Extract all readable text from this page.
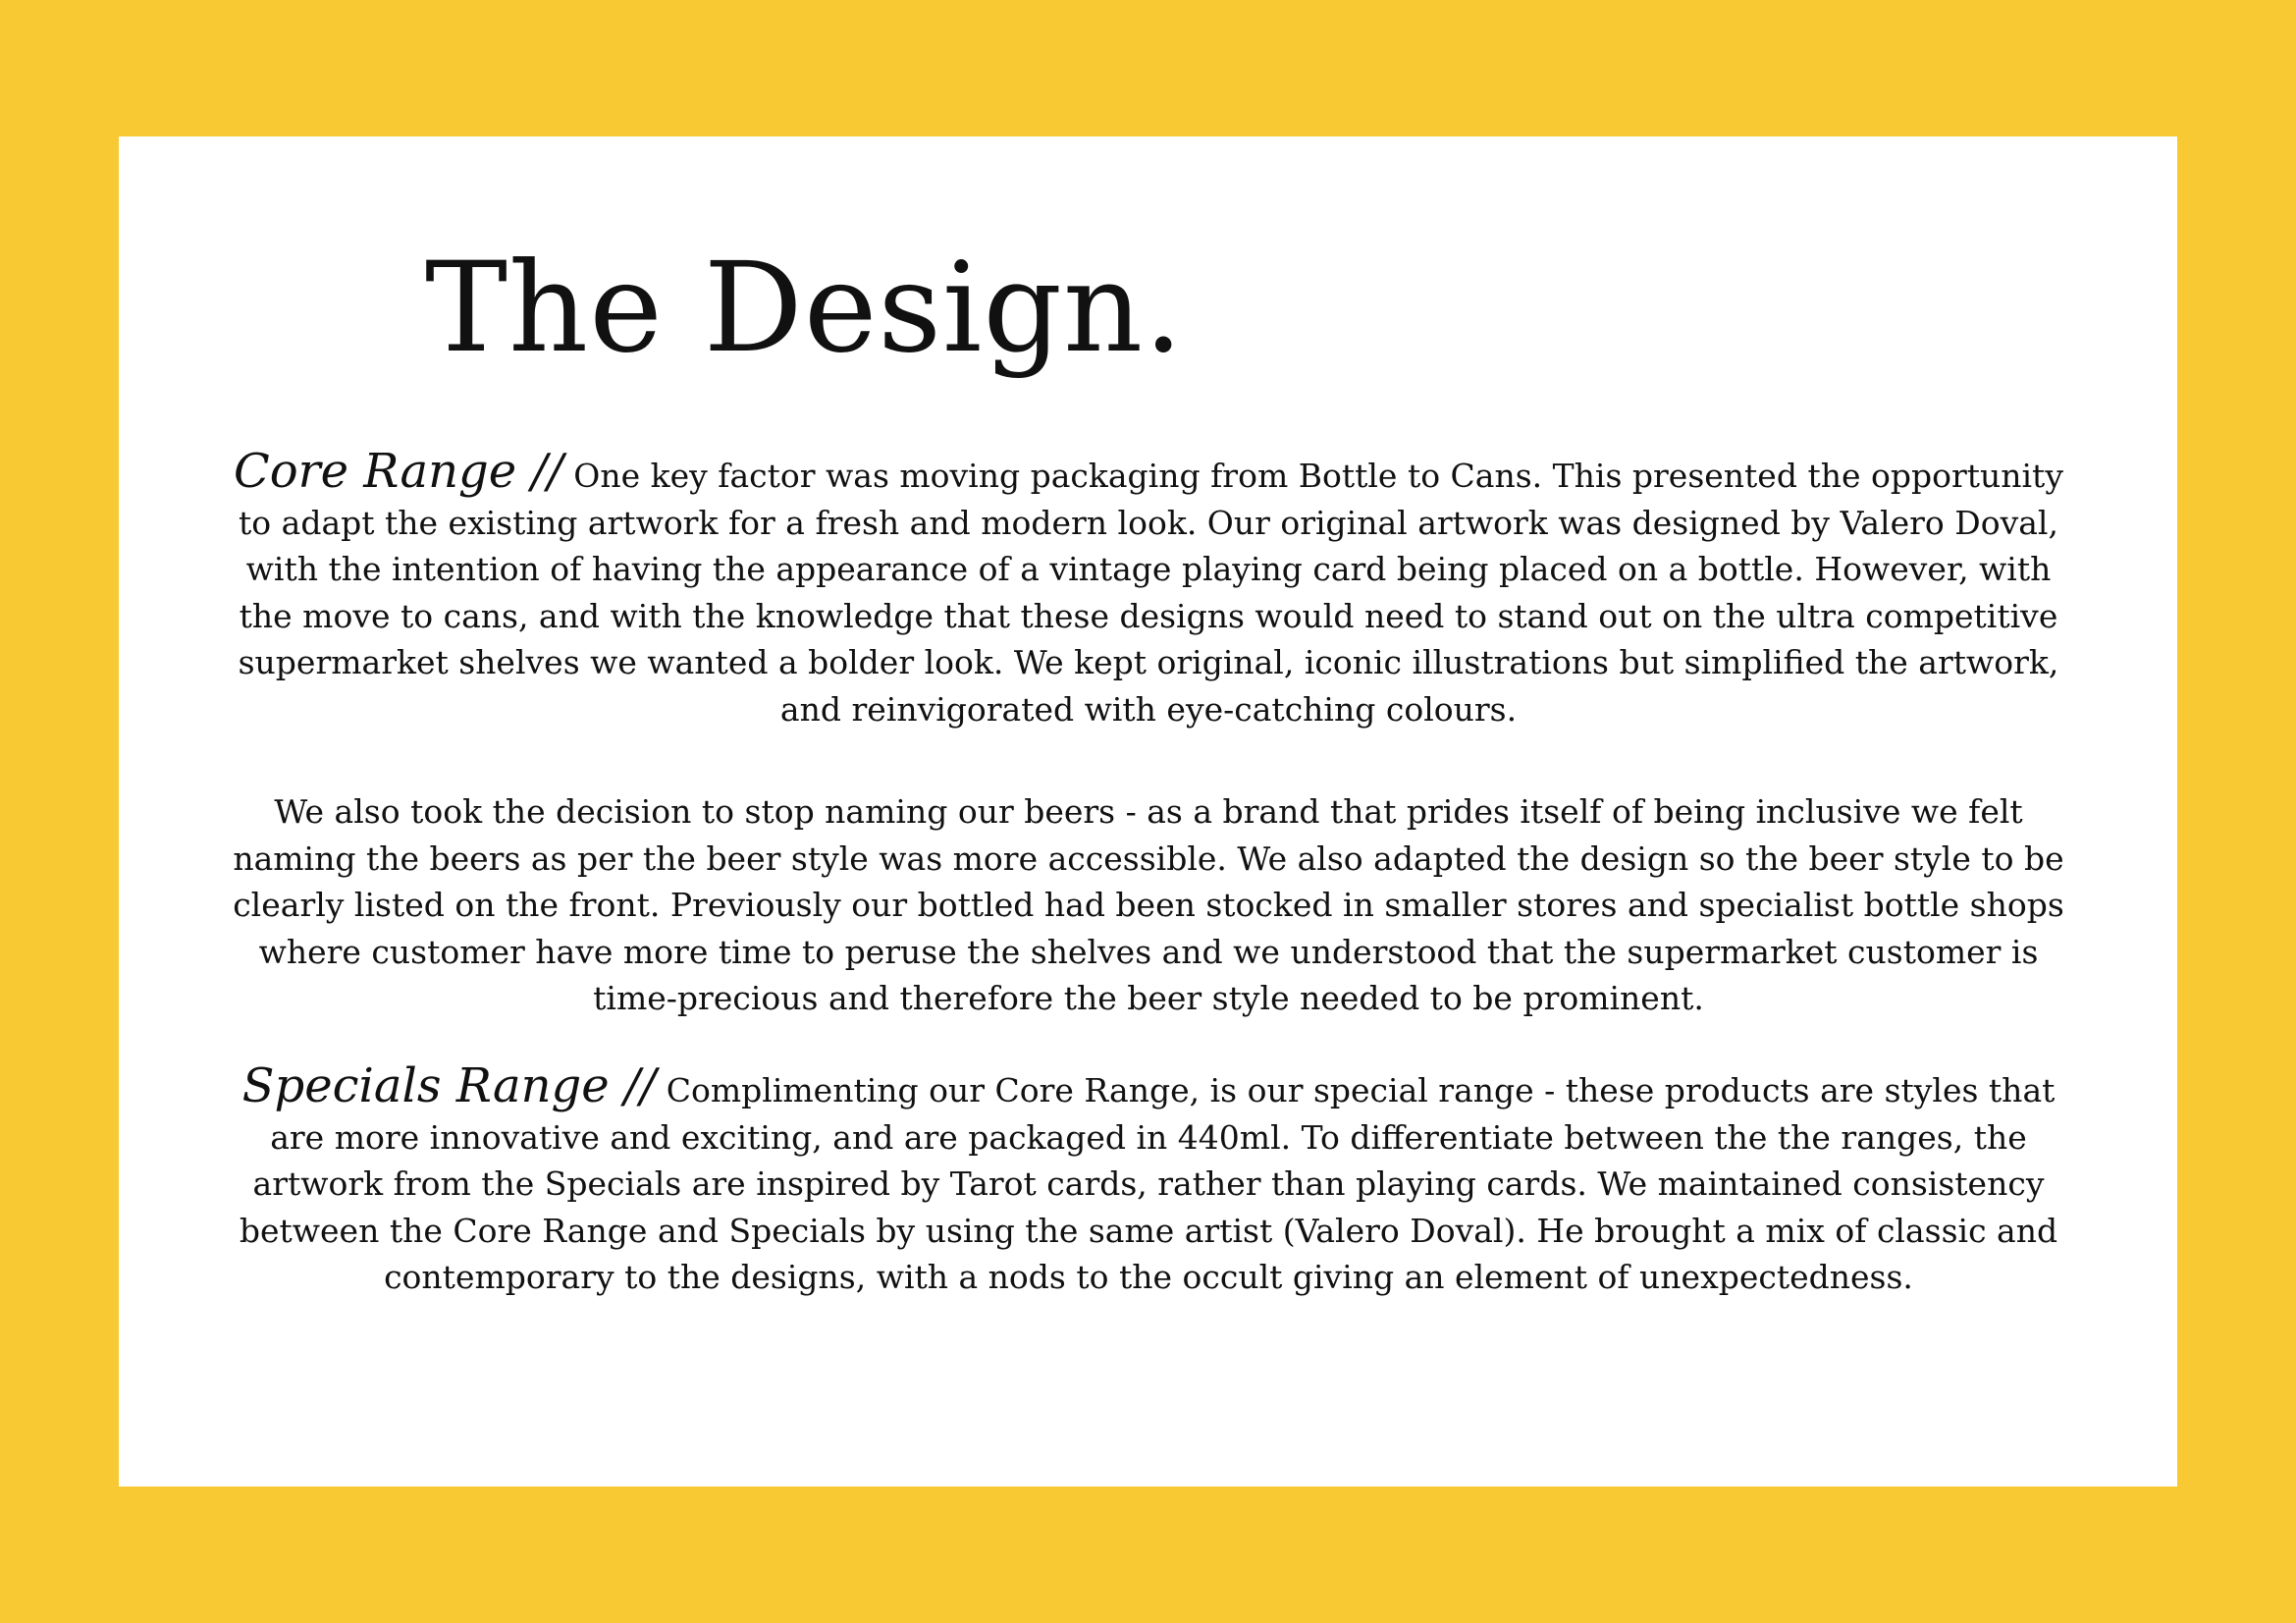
The Design.

Core Range // One key factor was moving packaging from Bottle to Cans. This presented the opportunity to adapt the existing artwork for a fresh and modern look. Our original artwork was designed by Valero Doval, with the intention of having the appearance of a vintage playing card being placed on a bottle. However, with the move to cans, and with the knowledge that these designs would need to stand out on the ultra competitive supermarket shelves we wanted a bolder look. We kept original, iconic illustrations but simplified the artwork, and reinvigorated with eye-catching colours.

We also took the decision to stop naming our beers - as a brand that prides itself of being inclusive we felt naming the beers as per the beer style was more accessible. We also adapted the design so the beer style to be clearly listed on the front. Previously our bottled had been stocked in smaller stores and specialist bottle shops where customer have more time to peruse the shelves and we understood that the supermarket customer is time-precious and therefore the beer style needed to be prominent.

Specials Range // Complimenting our Core Range, is our special range - these products are styles that are more innovative and exciting, and are packaged in 440ml. To differentiate between the the ranges, the artwork from the Specials are inspired by Tarot cards, rather than playing cards. We maintained consistency between the Core Range and Specials by using the same artist (Valero Doval). He brought a mix of classic and contemporary to the designs, with a nods to the occult giving an element of unexpectedness.
